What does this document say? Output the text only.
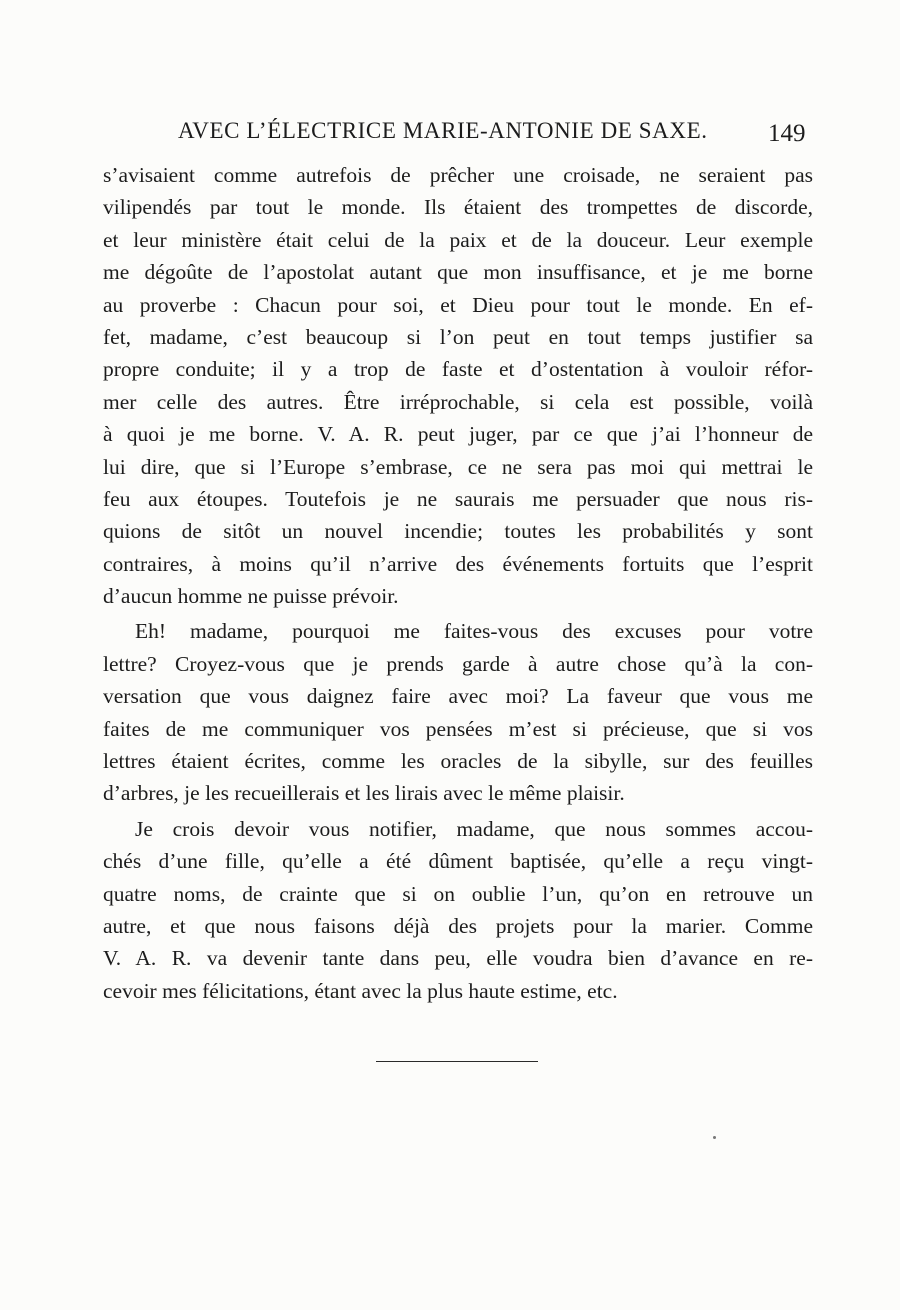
AVEC L’ÉLECTRICE MARIE-ANTONIE DE SAXE.	149
s’avisaient comme autrefois de prêcher une croisade, ne seraient pas
vilipendés par tout le monde. Ils étaient des trompettes de discorde,
et leur ministère était celui de la paix et de la douceur. Leur exemple
me dégoûte de l’apostolat autant que mon insuffisance, et je me borne
au proverbe : Chacun pour soi, et Dieu pour tout le monde. En ef-
fet, madame, c’est beaucoup si l’on peut en tout temps justifier sa
propre conduite; il y a trop de faste et d’ostentation à vouloir réfor-
mer celle des autres. Être irréprochable, si cela est possible, voilà
à quoi je me borne. V. A. R. peut juger, par ce que j’ai l’honneur de
lui dire, que si l’Europe s’embrase, ce ne sera pas moi qui mettrai le
feu aux étoupes. Toutefois je ne saurais me persuader que nous ris-
quions de sitôt un nouvel incendie; toutes les probabilités y sont
contraires, à moins qu’il n’arrive des événements fortuits que l’esprit
d’aucun homme ne puisse prévoir.
Eh! madame, pourquoi me faites-vous des excuses pour votre
lettre? Croyez-vous que je prends garde à autre chose qu’à la con-
versation que vous daignez faire avec moi? La faveur que vous me
faites de me communiquer vos pensées m’est si précieuse, que si vos
lettres étaient écrites, comme les oracles de la sibylle, sur des feuilles
d’arbres, je les recueillerais et les lirais avec le même plaisir.
Je crois devoir vous notifier, madame, que nous sommes accou-
chés d’une fille, qu’elle a été dûment baptisée, qu’elle a reçu vingt-
quatre noms, de crainte que si on oublie l’un, qu’on en retrouve un
autre, et que nous faisons déjà des projets pour la marier. Comme
V. A. R. va devenir tante dans peu, elle voudra bien d’avance en re-
cevoir mes félicitations, étant avec la plus haute estime, etc.
